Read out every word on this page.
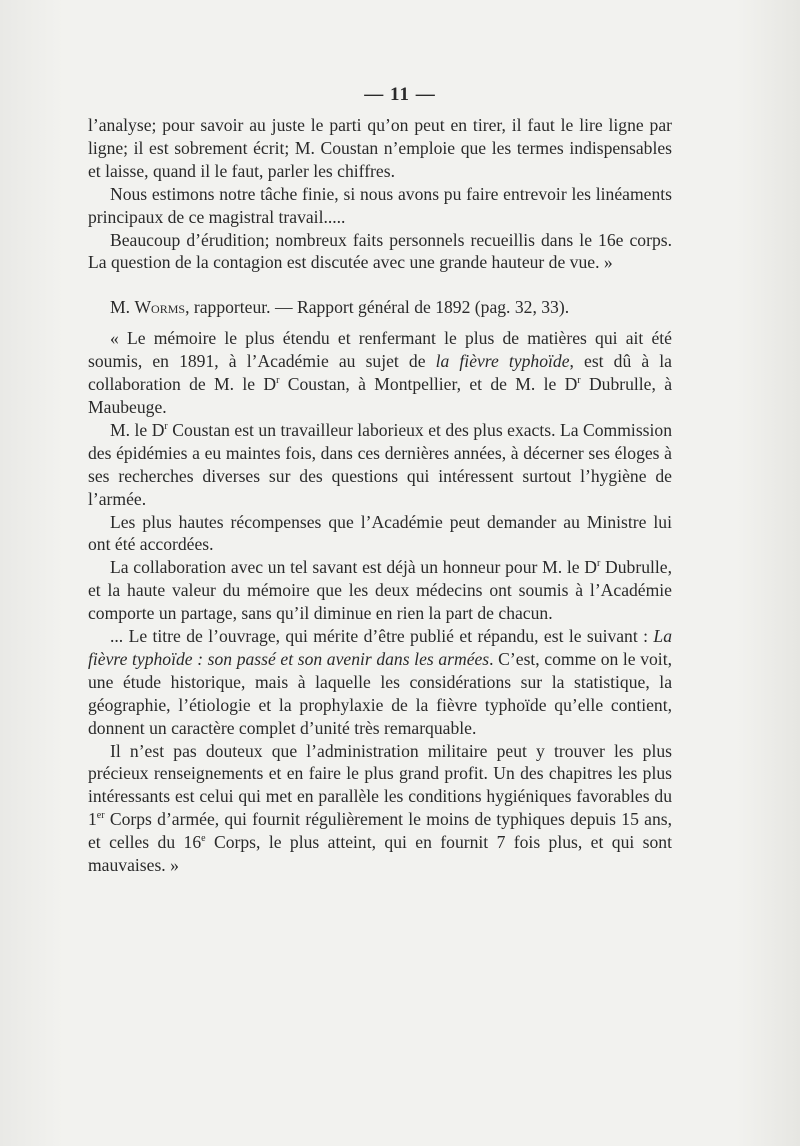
— 11 —

l’analyse; pour savoir au juste le parti qu’on peut en tirer, il faut le lire ligne par ligne; il est sobrement écrit; M. Coustan n’emploie que les termes indispensables et laisse, quand il le faut, parler les chiffres.

Nous estimons notre tâche finie, si nous avons pu faire entrevoir les linéaments principaux de ce magistral travail.....

Beaucoup d’érudition; nombreux faits personnels recueillis dans le 16e corps. La question de la contagion est discutée avec une grande hauteur de vue. »

M. Worms, rapporteur. — Rapport général de 1892 (pag. 32, 33).

« Le mémoire le plus étendu et renfermant le plus de matières qui ait été soumis, en 1891, à l’Académie au sujet de la fièvre typhoïde, est dû à la collaboration de M. le $D^r$ Coustan, à Montpellier, et de M. le $D^r$ Dubrulle, à Maubeuge.

M. le $D^r$ Coustan est un travailleur laborieux et des plus exacts. La Commission des épidémies a eu maintes fois, dans ces dernières années, à décerner ses éloges à ses recherches diverses sur des questions qui intéressent surtout l’hygiène de l’armée.

Les plus hautes récompenses que l’Académie peut demander au Ministre lui ont été accordées.

La collaboration avec un tel savant est déjà un honneur pour M. le $D^r$ Dubrulle, et la haute valeur du mémoire que les deux médecins ont soumis à l’Académie comporte un partage, sans qu’il diminue en rien la part de chacun.

... Le titre de l’ouvrage, qui mérite d’être publié et répandu, est le suivant : La fièvre typhoïde : son passé et son avenir dans les armées. C’est, comme on le voit, une étude historique, mais à laquelle les considérations sur la statistique, la géographie, l’étiologie et la prophylaxie de la fièvre typhoïde qu’elle contient, donnent un caractère complet d’unité très remarquable.

Il n’est pas douteux que l’administration militaire peut y trouver les plus précieux renseignements et en faire le plus grand profit. Un des chapitres les plus intéressants est celui qui met en parallèle les conditions hygiéniques favorables du 1er Corps d’armée, qui fournit régulièrement le moins de typhiques depuis 15 ans, et celles du 16e Corps, le plus atteint, qui en fournit 7 fois plus, et qui sont mauvaises. »
